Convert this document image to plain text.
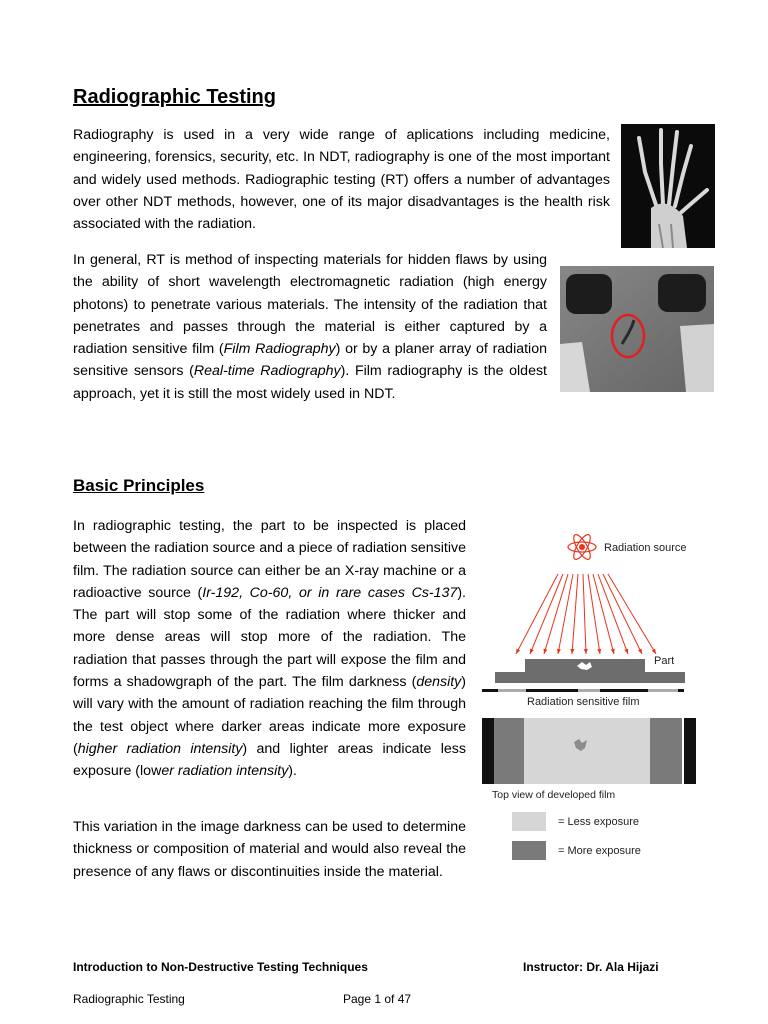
Radiographic Testing

Radiography is used in a very wide range of aplications including medicine, engineering, forensics, security, etc. In NDT, radiography is one of the most important and widely used methods. Radiographic testing (RT) offers a number of advantages over other NDT methods, however, one of its major disadvantages is the health risk associated with the radiation.

In general, RT is method of inspecting materials for hidden flaws by using the ability of short wavelength electromagnetic radiation (high energy photons) to penetrate various materials. The intensity of the radiation that penetrates and passes through the material is either captured by a radiation sensitive film (Film Radiography) or by a planer array of radiation sensitive sensors (Real-time Radiography). Film radiography is the oldest approach, yet it is still the most widely used in NDT.

Basic Principles

In radiographic testing, the part to be inspected is placed between the radiation source and a piece of radiation sensitive film. The radiation source can either be an X-ray machine or a radioactive source (Ir-192, Co-60, or in rare cases Cs-137). The part will stop some of the radiation where thicker and more dense areas will stop more of the radiation. The radiation that passes through the part will expose the film and forms a shadowgraph of the part. The film darkness (density) will vary with the amount of radiation reaching the film through the test object where darker areas indicate more exposure (higher radiation intensity) and lighter areas indicate less exposure (lower radiation intensity).

This variation in the image darkness can be used to determine thickness or composition of material and would also reveal the presence of any flaws or discontinuities inside the material.

Radiation source
Part
Radiation sensitive film
Top view of developed film
= Less exposure
= More exposure

Introduction to Non-Destructive Testing Techniques	Instructor: Dr. Ala Hijazi

Radiographic Testing	Page 1 of 47
